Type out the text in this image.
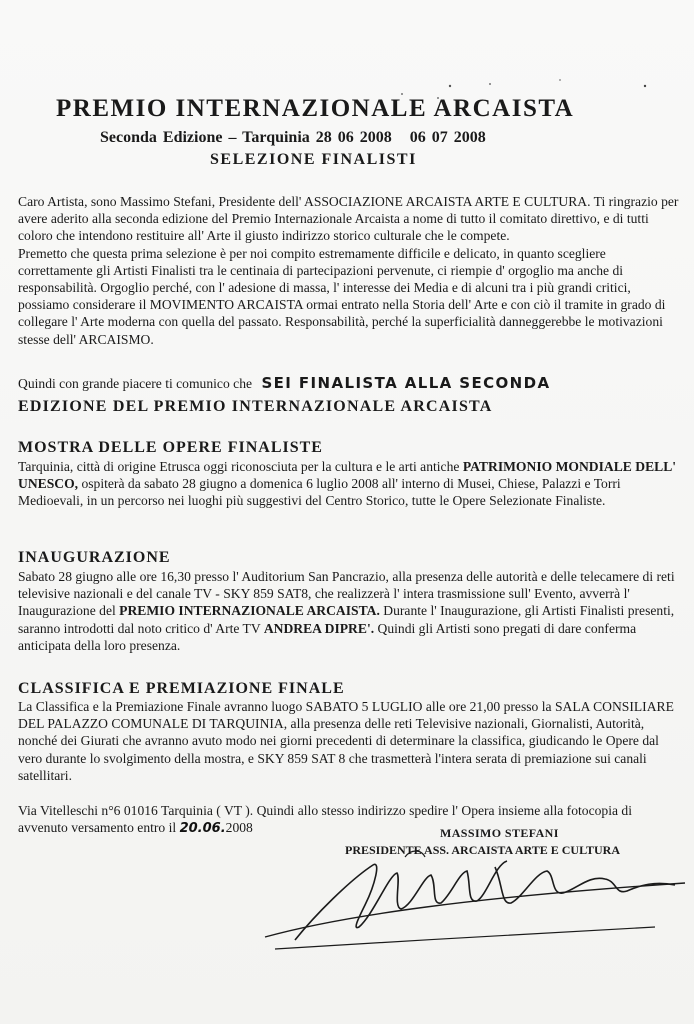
PREMIO INTERNAZIONALE ARCAISTA
Seconda Edizione – Tarquinia 28 06 2008 06 07 2008
SELEZIONE FINALISTI

Caro Artista, sono Massimo Stefani, Presidente dell' ASSOCIAZIONE ARCAISTA ARTE E CULTURA. Ti ringrazio per avere aderito alla seconda edizione del Premio Internazionale Arcaista a nome di tutto il comitato direttivo, e di tutti coloro che intendono restituire all' Arte il giusto indirizzo storico culturale che le compete.

Premetto che questa prima selezione è per noi compito estremamente difficile e delicato, in quanto scegliere correttamente gli Artisti Finalisti tra le centinaia di partecipazioni pervenute, ci riempie d' orgoglio ma anche di responsabilità. Orgoglio perché, con l' adesione di massa, l' interesse dei Media e di alcuni tra i più grandi critici, possiamo considerare il MOVIMENTO ARCAISTA ormai entrato nella Storia dell' Arte e con ciò il tramite in grado di collegare l' Arte moderna con quella del passato. Responsabilità, perché la superficialità danneggerebbe le motivazioni stesse dell' ARCAISMO.

Quindi con grande piacere ti comunico che SEI FINALISTA ALLA SECONDA
EDIZIONE DEL PREMIO INTERNAZIONALE ARCAISTA
MOSTRA DELLE OPERE FINALISTE

Tarquinia, città di origine Etrusca oggi riconosciuta per la cultura e le arti antiche PATRIMONIO MONDIALE DELL' UNESCO, ospiterà da sabato 28 giugno a domenica 6 luglio 2008 all' interno di Musei, Chiese, Palazzi e Torri Medioevali, in un percorso nei luoghi più suggestivi del Centro Storico, tutte le Opere Selezionate Finaliste.

INAUGURAZIONE

Sabato 28 giugno alle ore 16,30 presso l' Auditorium San Pancrazio, alla presenza delle autorità e delle telecamere di reti televisive nazionali e del canale TV - SKY 859 SAT8, che realizzerà l' intera trasmissione sull' Evento, avverrà l' Inaugurazione del PREMIO INTERNAZIONALE ARCAISTA. Durante l' Inaugurazione, gli Artisti Finalisti presenti, saranno introdotti dal noto critico d' Arte TV ANDREA DIPRE'. Quindi gli Artisti sono pregati di dare conferma anticipata della loro presenza.

CLASSIFICA E PREMIAZIONE FINALE

La Classifica e la Premiazione Finale avranno luogo SABATO 5 LUGLIO alle ore 21,00 presso la SALA CONSILIARE DEL PALAZZO COMUNALE DI TARQUINIA, alla presenza delle reti Televisive nazionali, Giornalisti, Autorità, nonché dei Giurati che avranno avuto modo nei giorni precedenti di determinare la classifica, giudicando le Opere dal vero durante lo svolgimento della mostra, e SKY 859 SAT 8 che trasmetterà l'intera serata di premiazione sui canali satellitari.

Via Vitelleschi n°6 01016 Tarquinia ( VT ). Quindi allo stesso indirizzo spedire l' Opera insieme alla fotocopia di avvenuto versamento entro il 20.06.2008	MASSIMO STEFANI
PRESIDENTE ASS. ARCAISTA ARTE E CULTURA
